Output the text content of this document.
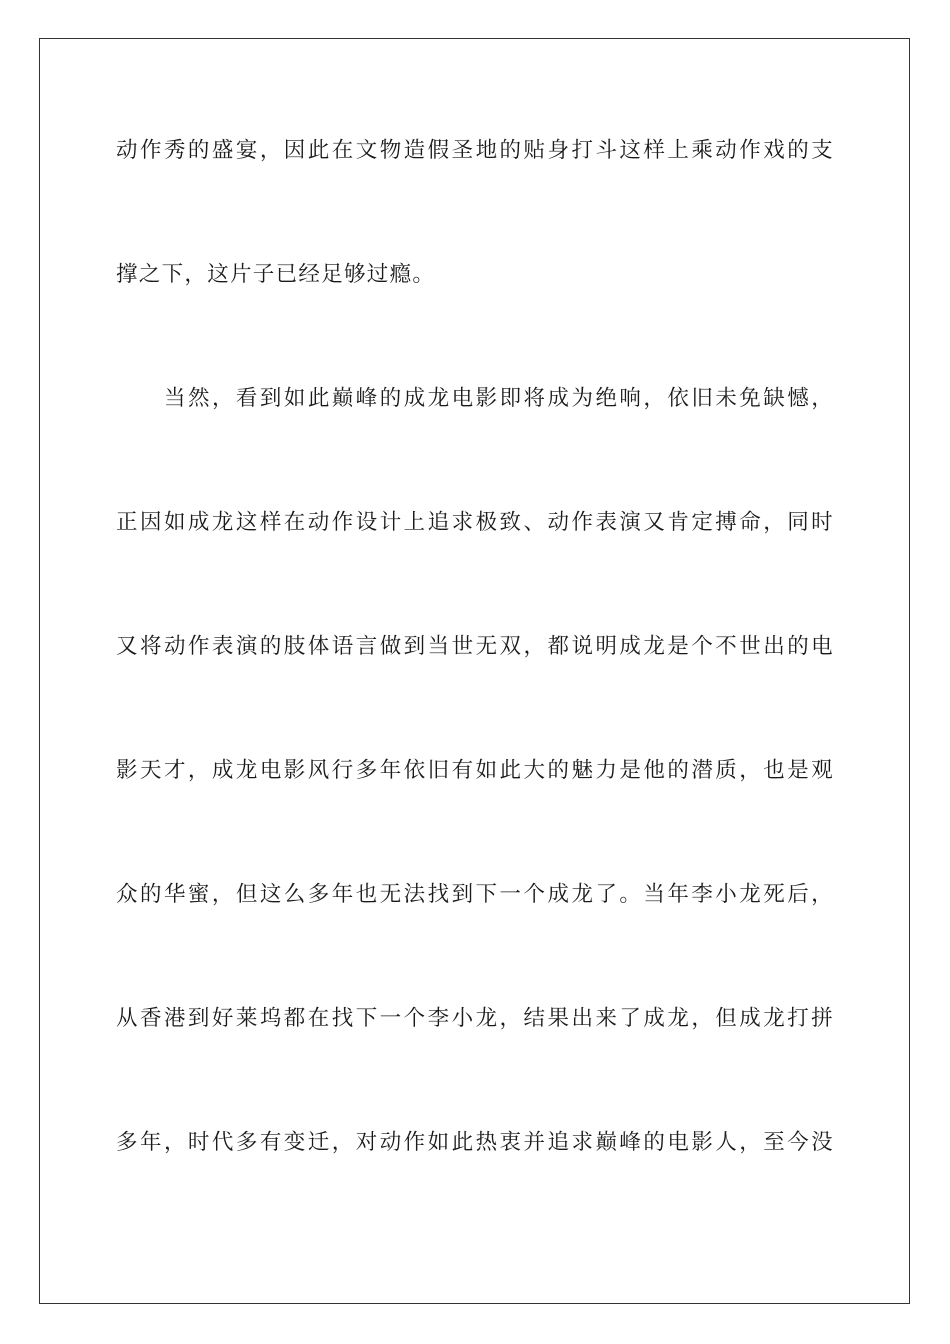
动作秀的盛宴，因此在文物造假圣地的贴身打斗这样上乘动作戏的支
撑之下，这片子已经足够过瘾。
当然，看到如此巅峰的成龙电影即将成为绝响，依旧未免缺憾，
正因如成龙这样在动作设计上追求极致、动作表演又肯定搏命，同时
又将动作表演的肢体语言做到当世无双，都说明成龙是个不世出的电
影天才，成龙电影风行多年依旧有如此大的魅力是他的潜质，也是观
众的华蜜，但这么多年也无法找到下一个成龙了。当年李小龙死后，
从香港到好莱坞都在找下一个李小龙，结果出来了成龙，但成龙打拼
多年，时代多有变迁，对动作如此热衷并追求巅峰的电影人，至今没
